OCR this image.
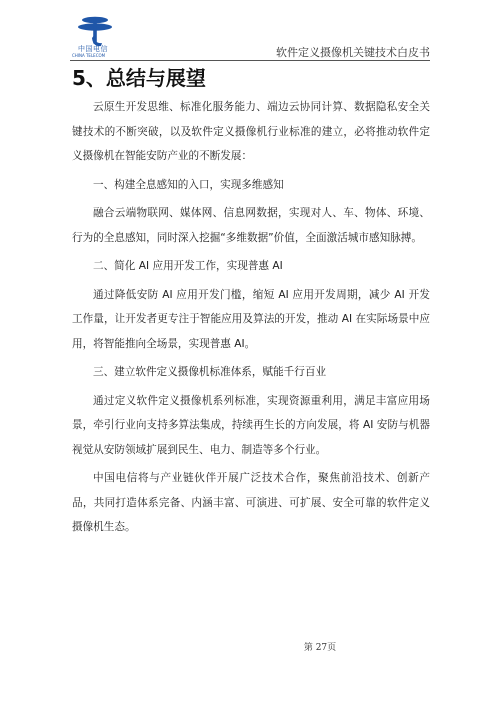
中国电信
CHINA TELECOM	软件定义摄像机关键技术白皮书
5、总结与展望

云原生开发思维、标准化服务能力、端边云协同计算、数据隐私安全关键技术的不断突破，以及软件定义摄像机行业标准的建立，必将推动软件定义摄像机在智能安防产业的不断发展：

一、构建全息感知的入口，实现多维感知

融合云端物联网、媒体网、信息网数据，实现对人、车、物体、环境、行为的全息感知，同时深入挖掘“多维数据”价值，全面激活城市感知脉搏。

二、简化 AI 应用开发工作，实现普惠 AI

通过降低安防 AI 应用开发门槛，缩短 AI 应用开发周期，减少 AI 开发工作量，让开发者更专注于智能应用及算法的开发，推动 AI 在实际场景中应用，将智能推向全场景，实现普惠 AI。

三、建立软件定义摄像机标准体系，赋能千行百业

通过定义软件定义摄像机系列标准，实现资源重利用，满足丰富应用场景，牵引行业向支持多算法集成，持续再生长的方向发展，将 AI 安防与机器视觉从安防领域扩展到民生、电力、制造等多个行业。

中国电信将与产业链伙伴开展广泛技术合作，聚焦前沿技术、创新产品，共同打造体系完备、内涵丰富、可演进、可扩展、安全可靠的软件定义摄像机生态。

第 27页
